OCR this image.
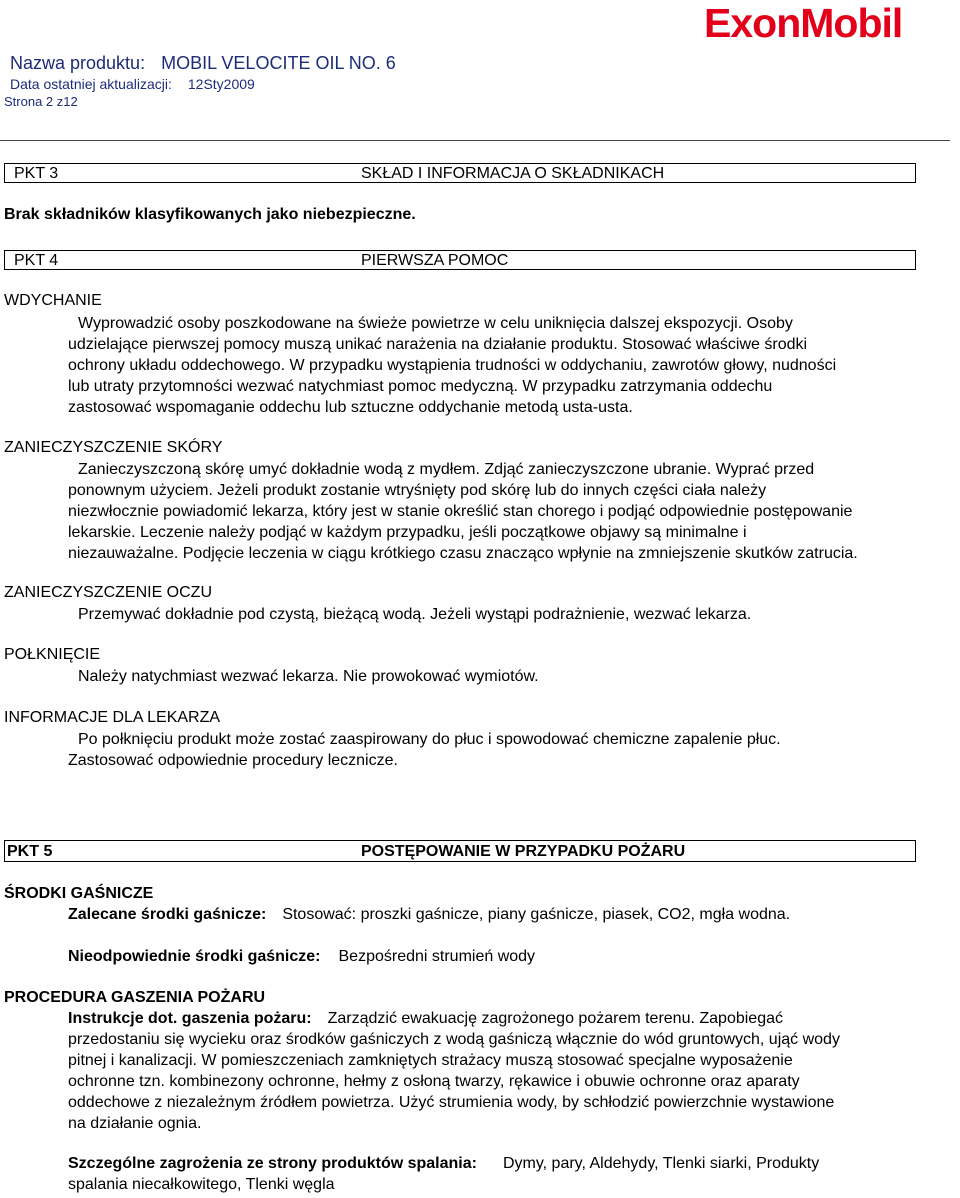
ExonMobil
Nazwa produktu: MOBIL VELOCITE OIL NO. 6
Data ostatniej aktualizacji: 12Sty2009
Strona 2 z12
PKT 3	SKŁAD I INFORMACJA O SKŁADNIKACH
Brak składników klasyfikowanych jako niebezpieczne.
PKT 4	PIERWSZA POMOC
WDYCHANIE
Wyprowadzić osoby poszkodowane na świeże powietrze w celu uniknięcia dalszej ekspozycji. Osoby
udzielające pierwszej pomocy muszą unikać narażenia na działanie produktu. Stosować właściwe środki
ochrony układu oddechowego. W przypadku wystąpienia trudności w oddychaniu, zawrotów głowy, nudności
lub utraty przytomności wezwać natychmiast pomoc medyczną. W przypadku zatrzymania oddechu
zastosować wspomaganie oddechu lub sztuczne oddychanie metodą usta-usta.
ZANIECZYSZCZENIE SKÓRY
Zanieczyszczoną skórę umyć dokładnie wodą z mydłem. Zdjąć zanieczyszczone ubranie. Wyprać przed
ponownym użyciem. Jeżeli produkt zostanie wtryśnięty pod skórę lub do innych części ciała należy
niezwłocznie powiadomić lekarza, który jest w stanie określić stan chorego i podjąć odpowiednie postępowanie
lekarskie. Leczenie należy podjąć w każdym przypadku, jeśli początkowe objawy są minimalne i
niezauważalne. Podjęcie leczenia w ciągu krótkiego czasu znacząco wpłynie na zmniejszenie skutków zatrucia.
ZANIECZYSZCZENIE OCZU
Przemywać dokładnie pod czystą, bieżącą wodą. Jeżeli wystąpi podrażnienie, wezwać lekarza.
POŁKNIĘCIE
Należy natychmiast wezwać lekarza. Nie prowokować wymiotów.
INFORMACJE DLA LEKARZA
Po połknięciu produkt może zostać zaaspirowany do płuc i spowodować chemiczne zapalenie płuc.
Zastosować odpowiednie procedury lecznicze.
PKT 5	POSTĘPOWANIE W PRZYPADKU POŻARU
ŚRODKI GAŚNICZE
Zalecane środki gaśnicze: Stosować: proszki gaśnicze, piany gaśnicze, piasek, CO2, mgła wodna.
Nieodpowiednie środki gaśnicze: Bezpośredni strumień wody
PROCEDURA GASZENIA POŻARU
Instrukcje dot. gaszenia pożaru: Zarządzić ewakuację zagrożonego pożarem terenu. Zapobiegać
przedostaniu się wycieku oraz środków gaśniczych z wodą gaśniczą włącznie do wód gruntowych, ująć wody
pitnej i kanalizacji. W pomieszczeniach zamkniętych strażacy muszą stosować specjalne wyposażenie
ochronne tzn. kombinezony ochronne, hełmy z osłoną twarzy, rękawice i obuwie ochronne oraz aparaty
oddechowe z niezależnym źródłem powietrza. Użyć strumienia wody, by schłodzić powierzchnie wystawione
na działanie ognia.
Szczególne zagrożenia ze strony produktów spalania: Dymy, pary, Aldehydy, Tlenki siarki, Produkty
spalania niecałkowitego, Tlenki węgla
